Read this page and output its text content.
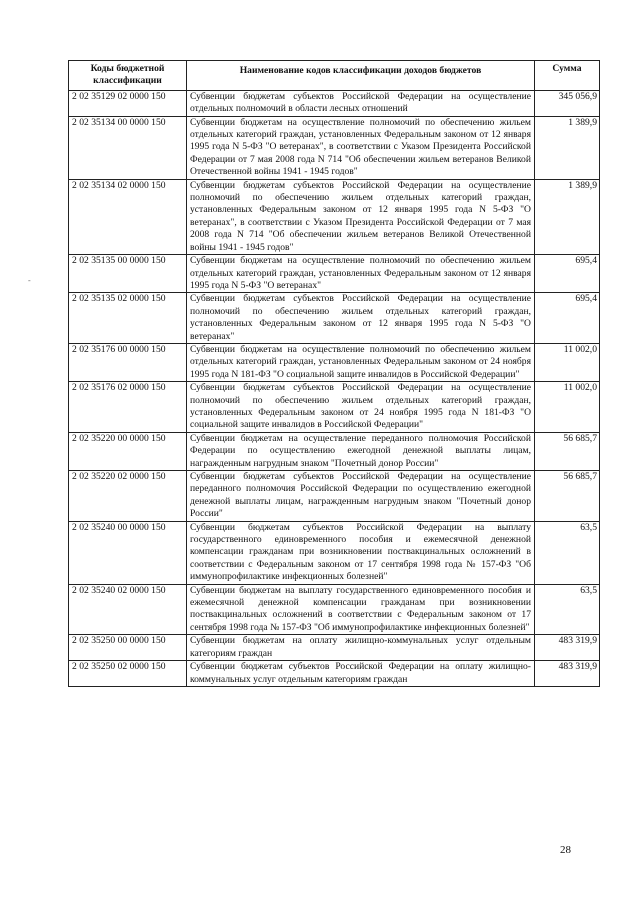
Коды бюджетной классификации	Наименование кодов классификации доходов бюджетов	Сумма
2 02 35129 02 0000 150	Субвенции бюджетам субъектов Российской Федерации на осуществление отдельных полномочий в области лесных отношений	345 056,9
2 02 35134 00 0000 150	Субвенции бюджетам на осуществление полномочий по обеспечению жильем отдельных категорий граждан, установленных Федеральным законом от 12 января 1995 года N 5-ФЗ "О ветеранах", в соответствии с Указом Президента Российской Федерации от 7 мая 2008 года N 714 "Об обеспечении жильем ветеранов Великой Отечественной войны 1941 - 1945 годов"	1 389,9
2 02 35134 02 0000 150	Субвенции бюджетам субъектов Российской Федерации на осуществление полномочий по обеспечению жильем отдельных категорий граждан, установленных Федеральным законом от 12 января 1995 года N 5-ФЗ "О ветеранах", в соответствии с Указом Президента Российской Федерации от 7 мая 2008 года N 714 "Об обеспечении жильем ветеранов Великой Отечественной войны 1941 - 1945 годов"	1 389,9
2 02 35135 00 0000 150	Субвенции бюджетам на осуществление полномочий по обеспечению жильем отдельных категорий граждан, установленных Федеральным законом от 12 января 1995 года N 5-ФЗ "О ветеранах"	695,4
2 02 35135 02 0000 150	Субвенции бюджетам субъектов Российской Федерации на осуществление полномочий по обеспечению жильем отдельных категорий граждан, установленных Федеральным законом от 12 января 1995 года N 5-ФЗ "О ветеранах"	695,4
2 02 35176 00 0000 150	Субвенции бюджетам на осуществление полномочий по обеспечению жильем отдельных категорий граждан, установленных Федеральным законом от 24 ноября 1995 года N 181-ФЗ "О социальной защите инвалидов в Российской Федерации"	11 002,0
2 02 35176 02 0000 150	Субвенции бюджетам субъектов Российской Федерации на осуществление полномочий по обеспечению жильем отдельных категорий граждан, установленных Федеральным законом от 24 ноября 1995 года N 181-ФЗ "О социальной защите инвалидов в Российской Федерации"	11 002,0
2 02 35220 00 0000 150	Субвенции бюджетам на осуществление переданного полномочия Российской Федерации по осуществлению ежегодной денежной выплаты лицам, награжденным нагрудным знаком "Почетный донор России"	56 685,7
2 02 35220 02 0000 150	Субвенции бюджетам субъектов Российской Федерации на осуществление переданного полномочия Российской Федерации по осуществлению ежегодной денежной выплаты лицам, награжденным нагрудным знаком "Почетный донор России"	56 685,7
2 02 35240 00 0000 150	Субвенции бюджетам субъектов Российской Федерации на выплату государственного единовременного пособия и ежемесячной денежной компенсации гражданам при возникновении поствакцинальных осложнений в соответствии с Федеральным законом от 17 сентября 1998 года № 157-ФЗ "Об иммунопрофилактике инфекционных болезней"	63,5
2 02 35240 02 0000 150	Субвенции бюджетам на выплату государственного единовременного пособия и ежемесячной денежной компенсации гражданам при возникновении поствакцинальных осложнений в соответствии с Федеральным законом от 17 сентября 1998 года № 157-ФЗ "Об иммунопрофилактике инфекционных болезней"	63,5
2 02 35250 00 0000 150	Субвенции бюджетам на оплату жилищно-коммунальных услуг отдельным категориям граждан	483 319,9
2 02 35250 02 0000 150	Субвенции бюджетам субъектов Российской Федерации на оплату жилищно-коммунальных услуг отдельным категориям граждан	483 319,9
-
28
